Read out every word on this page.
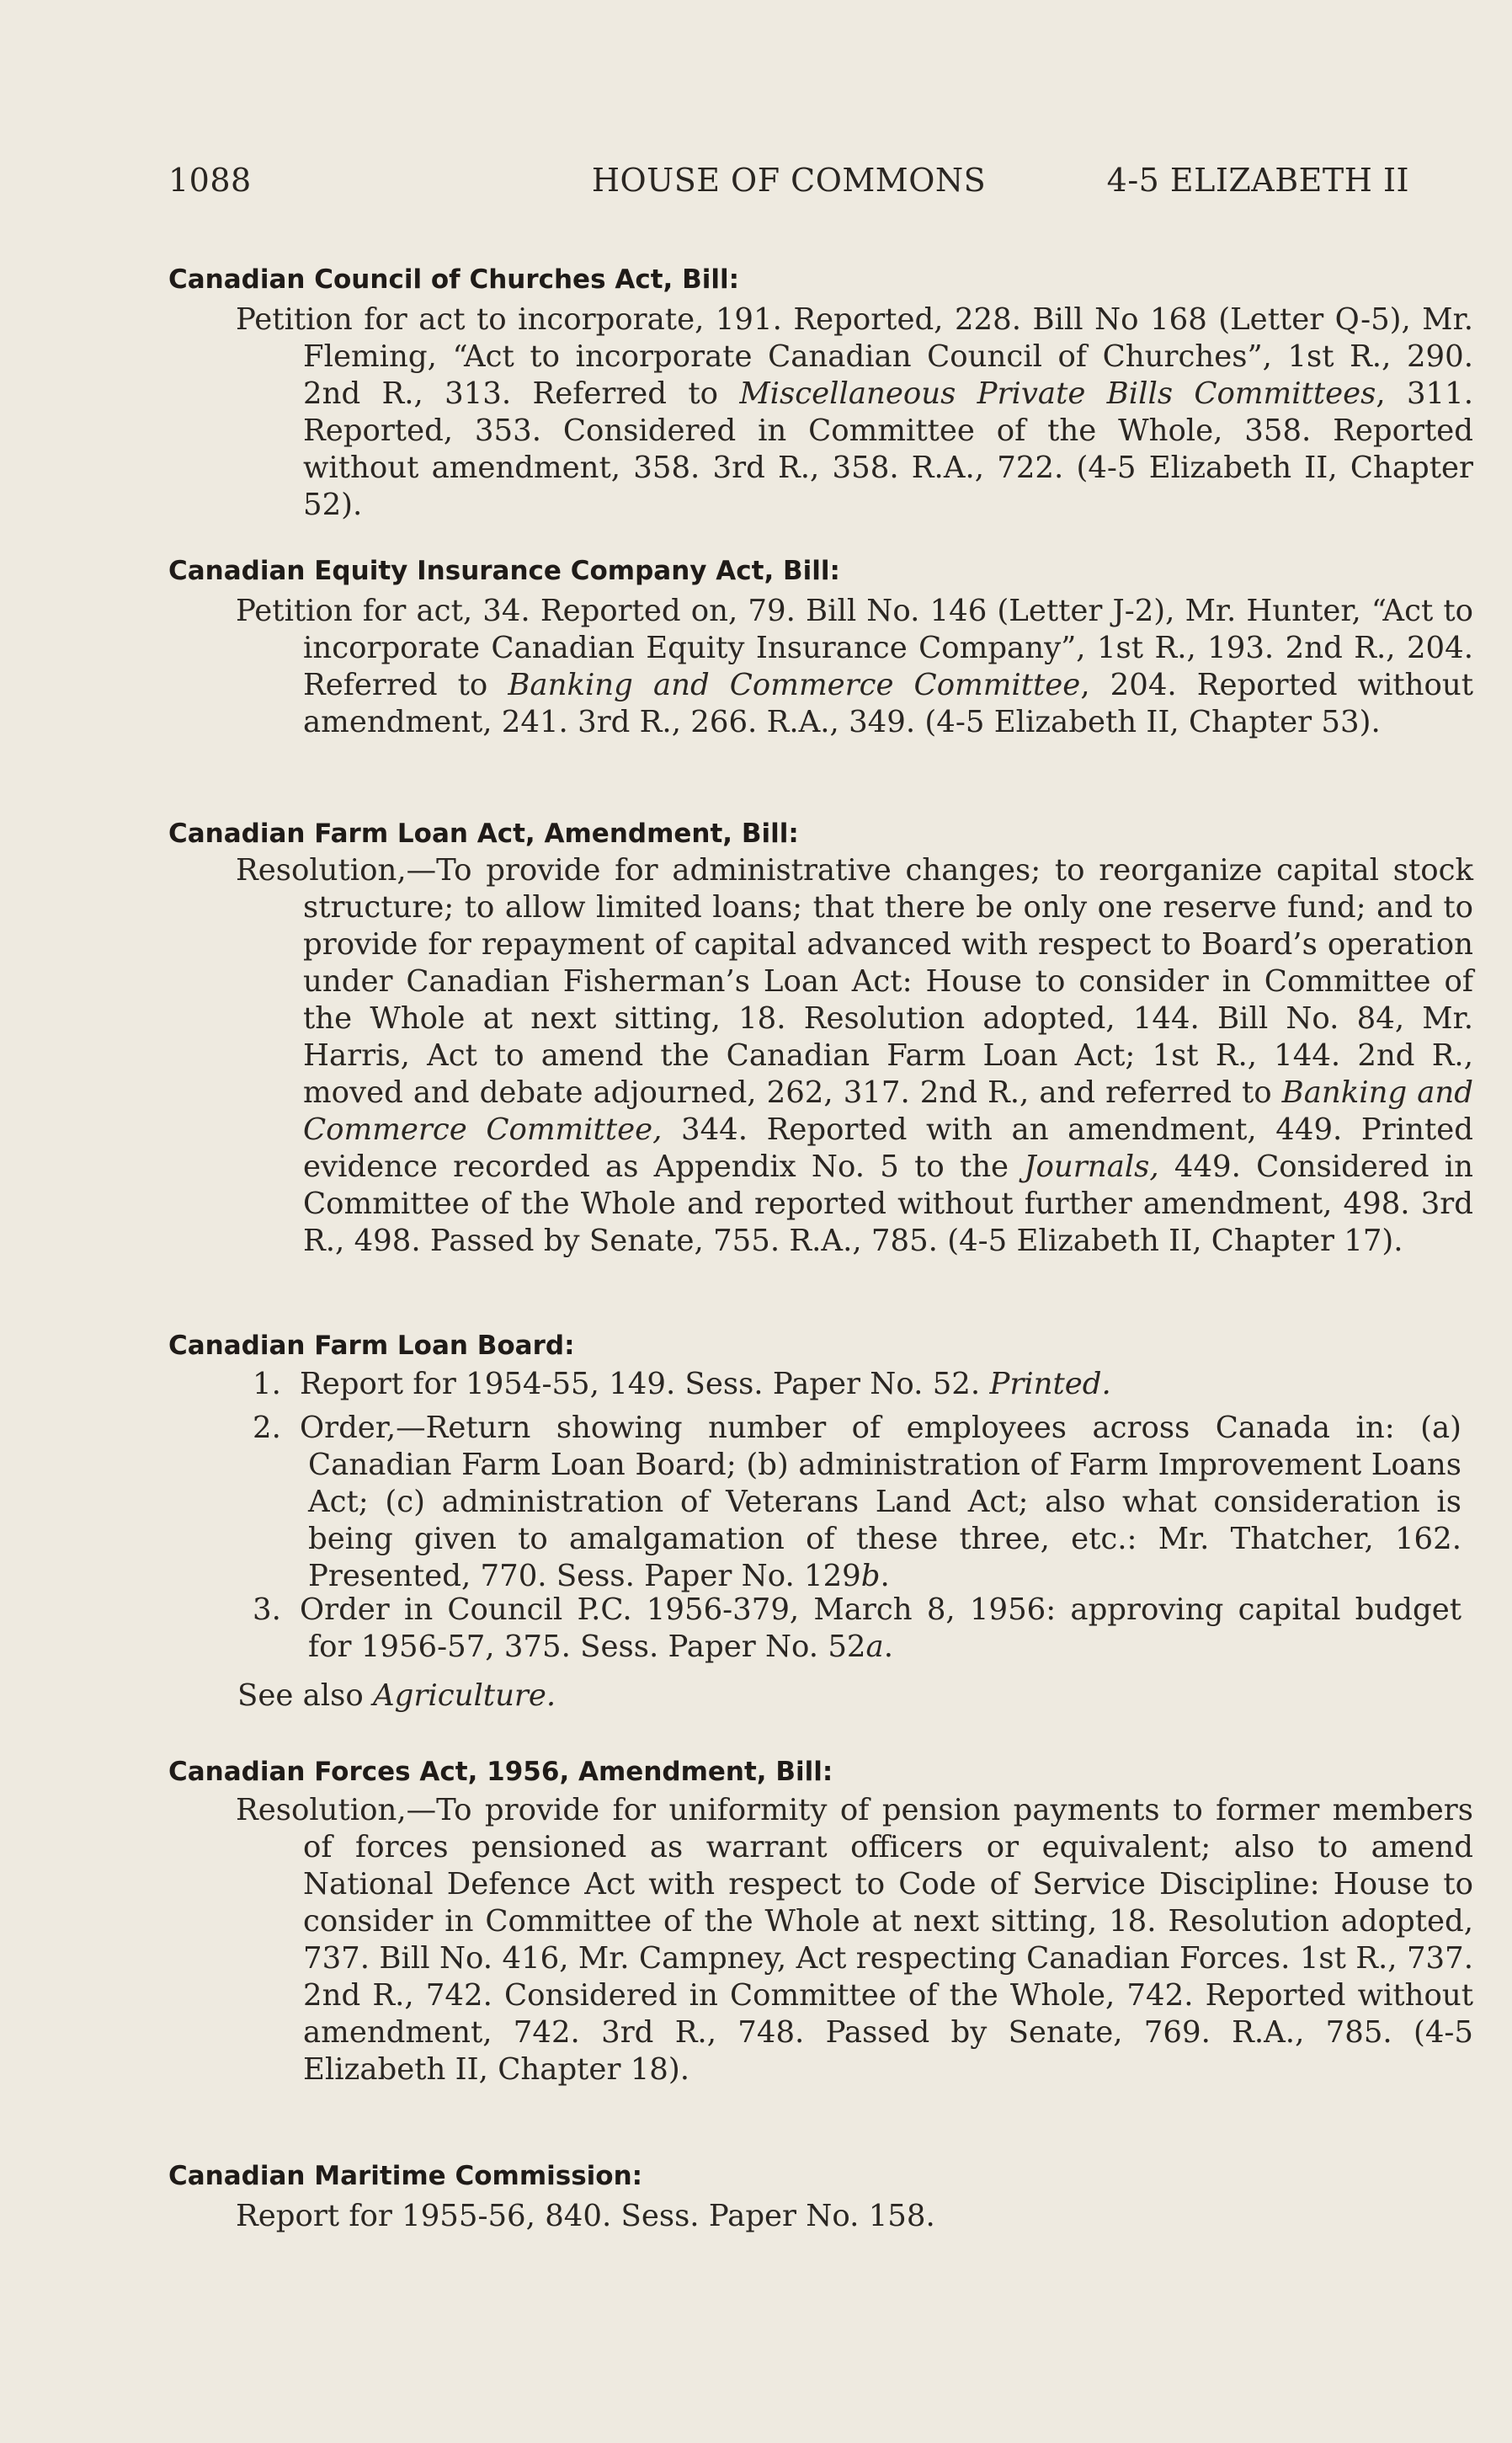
1088	HOUSE OF COMMONS	4-5 ELIZABETH II
Canadian Council of Churches Act, Bill:
Petition for act to incorporate, 191. Reported, 228. Bill No 168 (Letter Q-5), Mr. Fleming, “Act to incorporate Canadian Council of Churches”, 1st R., 290. 2nd R., 313. Referred to Miscellaneous Private Bills Committees, 311. Reported, 353. Considered in Committee of the Whole, 358. Reported without amendment, 358. 3rd R., 358. R.A., 722. (4-5 Elizabeth II, Chapter 52).
Canadian Equity Insurance Company Act, Bill:
Petition for act, 34. Reported on, 79. Bill No. 146 (Letter J-2), Mr. Hunter, “Act to incorporate Canadian Equity Insurance Company”, 1st R., 193. 2nd R., 204. Referred to Banking and Commerce Committee, 204. Reported without amendment, 241. 3rd R., 266. R.A., 349. (4-5 Elizabeth II, Chapter 53).
Canadian Farm Loan Act, Amendment, Bill:
Resolution,—To provide for administrative changes; to reorganize capital stock structure; to allow limited loans; that there be only one reserve fund; and to provide for repayment of capital advanced with respect to Board’s operation under Canadian Fisherman’s Loan Act: House to consider in Committee of the Whole at next sitting, 18. Resolution adopted, 144. Bill No. 84, Mr. Harris, Act to amend the Canadian Farm Loan Act; 1st R., 144. 2nd R., moved and debate adjourned, 262, 317. 2nd R., and referred to Banking and Commerce Committee, 344. Reported with an amendment, 449. Printed evidence recorded as Appendix No. 5 to the Journals, 449. Considered in Committee of the Whole and reported without further amendment, 498. 3rd R., 498. Passed by Senate, 755. R.A., 785. (4-5 Elizabeth II, Chapter 17).
Canadian Farm Loan Board:
1. Report for 1954-55, 149. Sess. Paper No. 52. Printed.
2. Order,—Return showing number of employees across Canada in: (a) Canadian Farm Loan Board; (b) administration of Farm Improvement Loans Act; (c) administration of Veterans Land Act; also what consideration is being given to amalgamation of these three, etc.: Mr. Thatcher, 162. Presented, 770. Sess. Paper No. 129b.
3. Order in Council P.C. 1956-379, March 8, 1956: approving capital budget for 1956-57, 375. Sess. Paper No. 52a.
See also Agriculture.
Canadian Forces Act, 1956, Amendment, Bill:
Resolution,—To provide for uniformity of pension payments to former members of forces pensioned as warrant officers or equivalent; also to amend National Defence Act with respect to Code of Service Discipline: House to consider in Committee of the Whole at next sitting, 18. Resolution adopted, 737. Bill No. 416, Mr. Campney, Act respecting Canadian Forces. 1st R., 737. 2nd R., 742. Considered in Committee of the Whole, 742. Reported without amendment, 742. 3rd R., 748. Passed by Senate, 769. R.A., 785. (4-5 Elizabeth II, Chapter 18).
Canadian Maritime Commission:
Report for 1955-56, 840. Sess. Paper No. 158.
